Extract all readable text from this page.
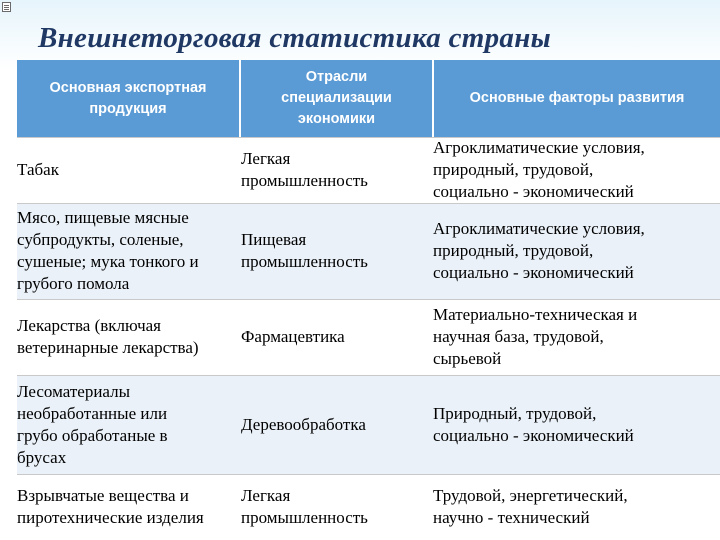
Внешнеторговая статистика страны
Основная экспортная
продукция
Отрасли
специализации
экономики
Основные факторы развития
Табак
Легкая
промышленность
Агроклиматические условия,
природный, трудовой,
социально - экономический
Мясо, пищевые мясные
субпродукты, соленые,
сушеные; мука тонкого и
грубого помола
Пищевая
промышленность
Агроклиматические условия,
природный, трудовой,
социально - экономический
Лекарства (включая
ветеринарные лекарства)
Фармацевтика
Материально-техническая и
научная база, трудовой,
сырьевой
Лесоматериалы
необработанные или
грубо обработаные в
брусах
Деревообработка
Природный, трудовой,
социально - экономический
Взрывчатые вещества и
пиротехнические изделия
Легкая
промышленность
Трудовой, энергетический,
научно - технический
